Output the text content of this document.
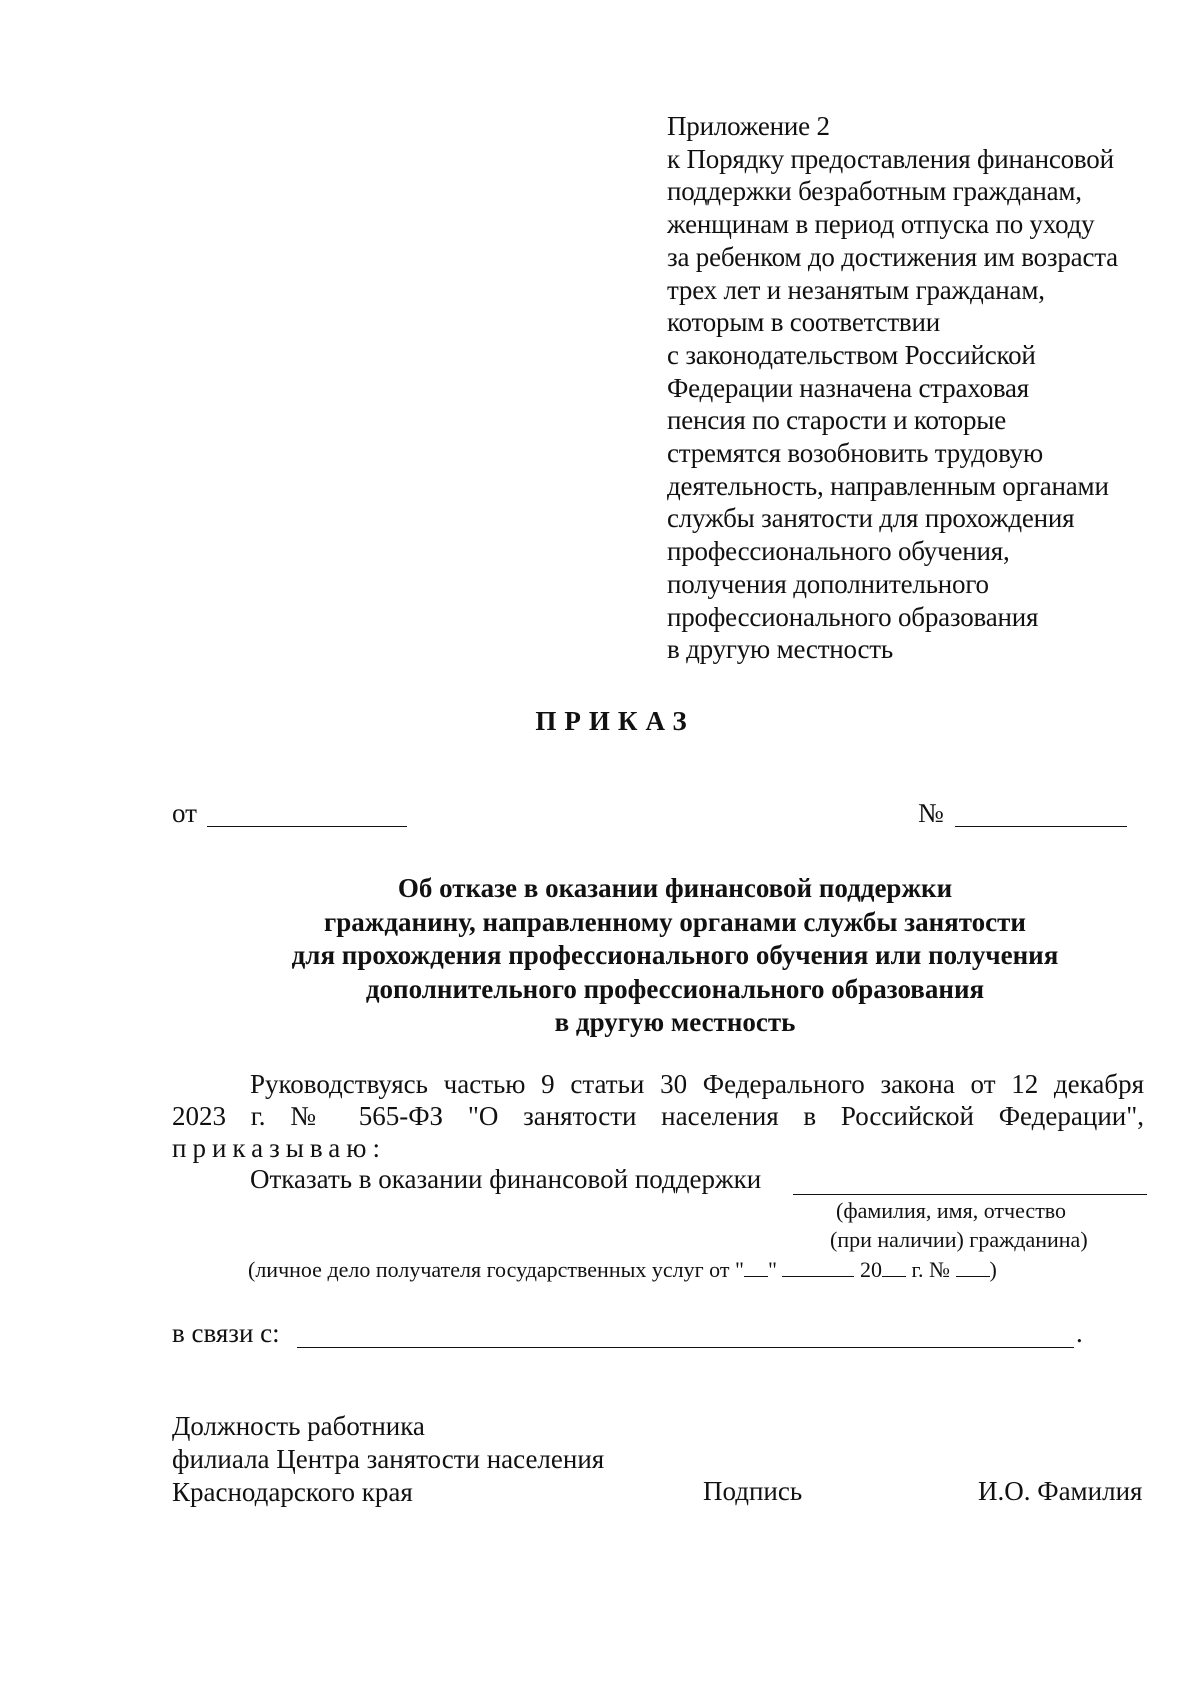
Приложение 2
к Порядку предоставления финансовой
поддержки безработным гражданам,
женщинам в период отпуска по уходу
за ребенком до достижения им возраста
трех лет и незанятым гражданам,
которым в соответствии
с законодательством Российской
Федерации назначена страховая
пенсия по старости и которые
стремятся возобновить трудовую
деятельность, направленным органами
службы занятости для прохождения
профессионального обучения,
получения дополнительного
профессионального образования
в другую местность
ПРИКАЗ
от	№
Об отказе в оказании финансовой поддержки
гражданину, направленному органами службы занятости
для прохождения профессионального обучения или получения
дополнительного профессионального образования
в другую местность
Руководствуясь частью 9 статьи 30 Федерального закона от 12 декабря
2023 г. № 565-ФЗ "О занятости населения в Российской Федерации",
приказываю:
Отказать в оказании финансовой поддержки
(фамилия, имя, отчество
(при наличии) гражданина)
(личное дело получателя государственных услуг от " "	20 г. № )
в связи с:	.
Должность работника
филиала Центра занятости населения
Краснодарского края	Подпись	И.О. Фамилия
